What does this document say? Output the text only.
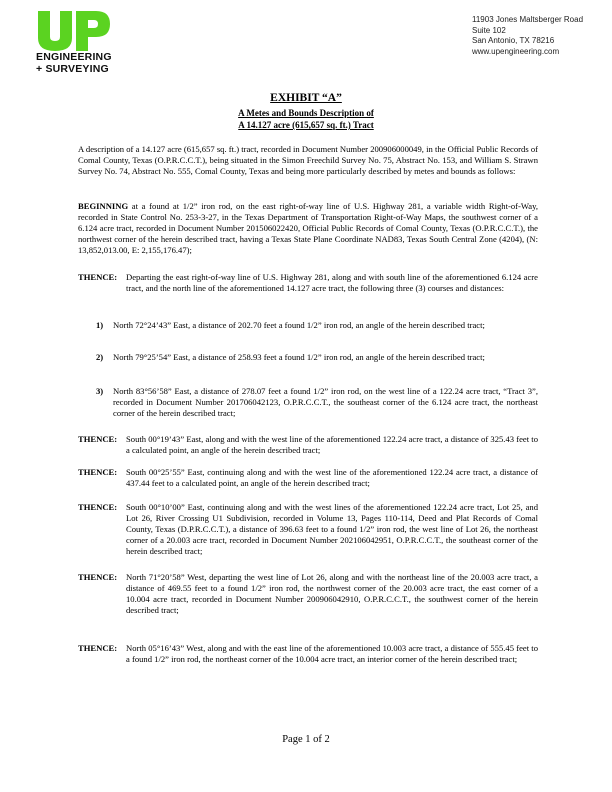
ENGINEERING
+ SURVEYING
11903 Jones Maltsberger Road
Suite 102
San Antonio, TX 78216
www.upengineering.com
EXHIBIT “A”
A Metes and Bounds Description of
A 14.127 acre (615,657 sq. ft.) Tract
A description of a 14.127 acre (615,657 sq. ft.) tract, recorded in Document Number 200906000049, in the Official Public Records of Comal County, Texas (O.P.R.C.C.T.), being situated in the Simon Freechild Survey No. 75, Abstract No. 153, and William S. Strawn Survey No. 74, Abstract No. 555, Comal County, Texas and being more particularly described by metes and bounds as follows:
BEGINNING at a found at 1/2” iron rod, on the east right-of-way line of U.S. Highway 281, a variable width Right-of-Way, recorded in State Control No. 253-3-27, in the Texas Department of Transportation Right-of-Way Maps, the southwest corner of a 6.124 acre tract, recorded in Document Number 201506022420, Official Public Records of Comal County, Texas (O.P.R.C.C.T.), the northwest corner of the herein described tract, having a Texas State Plane Coordinate NAD83, Texas South Central Zone (4204), (N: 13,852,013.00, E: 2,155,176.47);
THENCE: Departing the east right-of-way line of U.S. Highway 281, along and with south line of the aforementioned 6.124 acre tract, and the north line of the aforementioned 14.127 acre tract, the following three (3) courses and distances:
1) North 72°24’43” East, a distance of 202.70 feet a found 1/2” iron rod, an angle of the herein described tract;
2) North 79°25’54” East, a distance of 258.93 feet a found 1/2” iron rod, an angle of the herein described tract;
3) North 83°56’58” East, a distance of 278.07 feet a found 1/2” iron rod, on the west line of a 122.24 acre tract, “Tract 3”, recorded in Document Number 201706042123, O.P.R.C.C.T., the southeast corner of the 6.124 acre tract, the northeast corner of the herein described tract;
THENCE: South 00°19’43” East, along and with the west line of the aforementioned 122.24 acre tract, a distance of 325.43 feet to a calculated point, an angle of the herein described tract;
THENCE: South 00°25’55” East, continuing along and with the west line of the aforementioned 122.24 acre tract, a distance of 437.44 feet to a calculated point, an angle of the herein described tract;
THENCE: South 00°10’00” East, continuing along and with the west lines of the aforementioned 122.24 acre tract, Lot 25, and Lot 26, River Crossing U1 Subdivision, recorded in Volume 13, Pages 110-114, Deed and Plat Records of Comal County, Texas (D.P.R.C.C.T.), a distance of 396.63 feet to a found 1/2” iron rod, the west line of Lot 26, the northeast corner of a 20.003 acre tract, recorded in Document Number 202106042951, O.P.R.C.C.T., the southeast corner of the herein described tract;
THENCE: North 71°20’58” West, departing the west line of Lot 26, along and with the northeast line of the 20.003 acre tract, a distance of 469.55 feet to a found 1/2” iron rod, the northwest corner of the 20.003 acre tract, the east corner of a 10.004 acre tract, recorded in Document Number 200906042910, O.P.R.C.C.T., the southwest corner of the herein described tract;
THENCE: North 05°16’43” West, along and with the east line of the aforementioned 10.003 acre tract, a distance of 555.45 feet to a found 1/2” iron rod, the northeast corner of the 10.004 acre tract, an interior corner of the herein described tract;
Page 1 of 2
